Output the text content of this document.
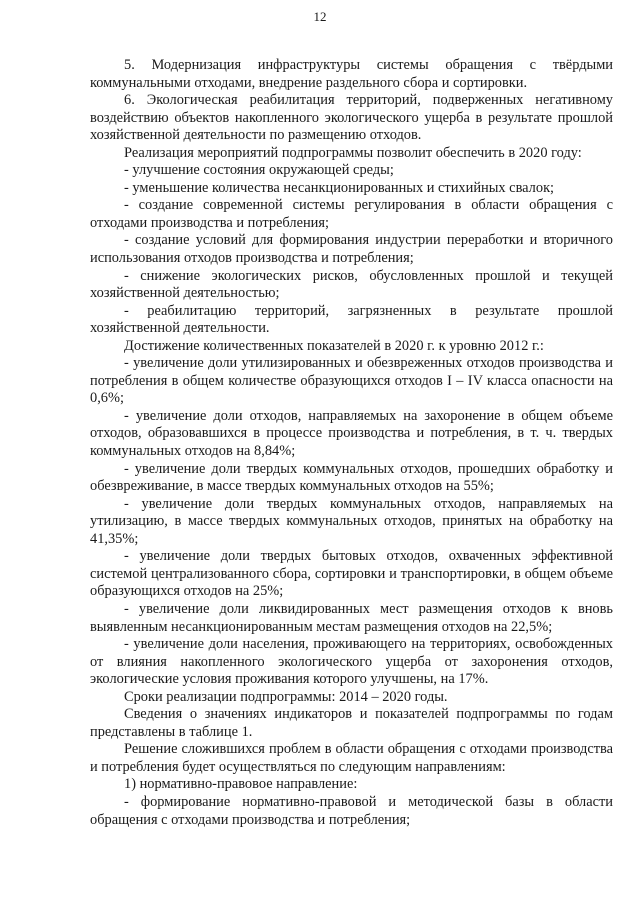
12

5. Модернизация инфраструктуры системы обращения с твёрдыми коммунальными отходами, внедрение раздельного сбора и сортировки.

6. Экологическая реабилитация территорий, подверженных негативному воздействию объектов накопленного экологического ущерба в результате прошлой хозяйственной деятельности по размещению отходов.

Реализация мероприятий подпрограммы позволит обеспечить в 2020 году:

- улучшение состояния окружающей среды;

- уменьшение количества несанкционированных и стихийных свалок;

- создание современной системы регулирования в области обращения с отходами производства и потребления;

- создание условий для формирования индустрии переработки и вторичного использования отходов производства и потребления;

- снижение экологических рисков, обусловленных прошлой и текущей хозяйственной деятельностью;

- реабилитацию территорий, загрязненных в результате прошлой хозяйственной деятельности.

Достижение количественных показателей в 2020 г. к уровню 2012 г.:

- увеличение доли утилизированных и обезвреженных отходов производства и потребления в общем количестве образующихся отходов I – IV класса опасности на 0,6%;

- увеличение доли отходов, направляемых на захоронение в общем объеме отходов, образовавшихся в процессе производства и потребления, в т. ч. твердых коммунальных отходов на 8,84%;

- увеличение доли твердых коммунальных отходов, прошедших обработку и обезвреживание, в массе твердых коммунальных отходов на 55%;

- увеличение доли твердых коммунальных отходов, направляемых на утилизацию, в массе твердых коммунальных отходов, принятых на обработку на 41,35%;

- увеличение доли твердых бытовых отходов, охваченных эффективной системой централизованного сбора, сортировки и транспортировки, в общем объеме образующихся отходов на 25%;

- увеличение доли ликвидированных мест размещения отходов к вновь выявленным несанкционированным местам размещения отходов на 22,5%;

- увеличение доли населения, проживающего на территориях, освобожденных от влияния накопленного экологического ущерба от захоронения отходов, экологические условия проживания которого улучшены, на 17%.

Сроки реализации подпрограммы: 2014 – 2020 годы.

Сведения о значениях индикаторов и показателей подпрограммы по годам представлены в таблице 1.

Решение сложившихся проблем в области обращения с отходами производства и потребления будет осуществляться по следующим направлениям:

1) нормативно-правовое направление:

- формирование нормативно-правовой и методической базы в области обращения с отходами производства и потребления;
